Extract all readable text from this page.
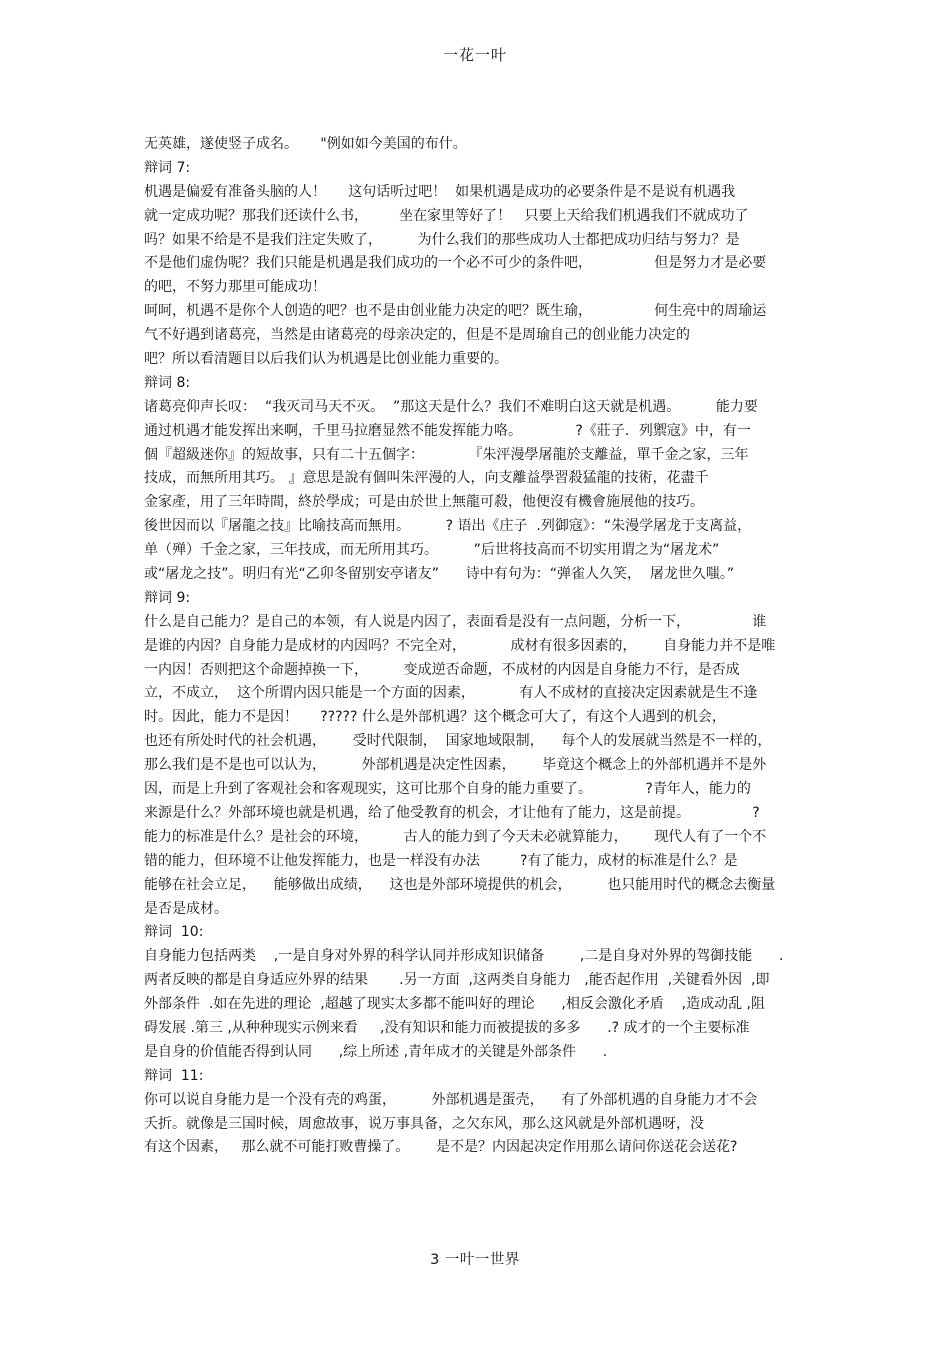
一花一叶
无英雄，遂使竖子成名。     "例如如今美国的布什。
辩词 7:
机遇是偏爱有准备头脑的人！     这句话听过吧！  如果机遇是成功的必要条件是不是说有机遇我
就一定成功呢？那我们还读什么书，       坐在家里等好了！   只要上天给我们机遇我们不就成功了
吗？如果不给是不是我们注定失败了，        为什么我们的那些成功人士都把成功归结与努力？是
不是他们虚伪呢？我们只能是机遇是我们成功的一个必不可少的条件吧，              但是努力才是必要
的吧，不努力那里可能成功！
呵呵，机遇不是你个人创造的吧？也不是由创业能力决定的吧？既生瑜，              何生亮中的周瑜运
气不好遇到诸葛亮，当然是由诸葛亮的母亲决定的，但是不是周瑜自己的创业能力决定的
吧？所以看清题目以后我们认为机遇是比创业能力重要的。
辩词 8:
诸葛亮仰声长叹：  “我灭司马天不灭。  ”那这天是什么？我们不难明白这天就是机遇。        能力要
通过机遇才能发挥出来啊，千里马拉磨显然不能发挥能力咯。            ?《莊子．列禦寇》中，有一
個『超級迷你』的短故事，只有二十五個字：          『朱泙漫學屠龍於支離益，單千金之家，三年
技成，而無所用其巧。 』意思是說有個叫朱泙漫的人，向支離益學習殺猛龍的技術，花盡千
金家產，用了三年時間，終於學成；可是由於世上無龍可殺，他便沒有機會施展他的技巧。
後世因而以『屠龍之技』比喻技高而無用。        ? 语出《庄子  .列御寇》：“朱漫学屠龙于支离益，
单（殚）千金之家，三年技成，而无所用其巧。        ”后世将技高而不切实用谓之为“屠龙术”
或“屠龙之技”。明归有光“乙卯冬留别安亭诸友”      诗中有句为：“弹雀人久笑，  屠龙世久嗤。”
辩词 9:
什么是自己能力？是自己的本领，有人说是内因了，表面看是没有一点问题，分析一下，              谁
是谁的内因？自身能力是成材的内因吗？不完全对，          成材有很多因素的，      自身能力并不是唯
一内因！否则把这个命题掉换一下，        变成逆否命题，不成材的内因是自身能力不行，是否成
立，不成立，  这个所谓内因只能是一个方面的因素，          有人不成材的直接决定因素就是生不逢
时。因此，能力不是因！     ????? 什么是外部机遇？这个概念可大了，有这个人遇到的机会，
也还有所处时代的社会机遇，      受时代限制，  国家地域限制，    每个人的发展就当然是不一样的，
那么我们是不是也可以认为，        外部机遇是决定性因素，      毕竟这个概念上的外部机遇并不是外
因，而是上升到了客观社会和客观现实，这可比那个自身的能力重要了。            ?青年人，能力的
来源是什么？外部环境也就是机遇，给了他受教育的机会，才让他有了能力，这是前提。              ?
能力的标准是什么？是社会的环境，        古人的能力到了今天未必就算能力，      现代人有了一个不
错的能力，但环境不让他发挥能力，也是一样没有办法         ?有了能力，成材的标准是什么？是
能够在社会立足，    能够做出成绩，    这也是外部环境提供的机会，        也只能用时代的概念去衡量
是否是成材。
辩词  10:
自身能力包括两类    ,一是自身对外界的科学认同并形成知识储备        ,二是自身对外界的驾御技能      .
两者反映的都是自身适应外界的结果       .另一方面  ,这两类自身能力   ,能否起作用  ,关键看外因  ,即
外部条件  .如在先进的理论  ,超越了现实太多都不能叫好的理论      ,相反会激化矛盾    ,造成动乱 ,阻
碍发展 .第三 ,从种种现实示例来看     ,没有知识和能力而被提拔的多多      .? 成才的一个主要标准
是自身的价值能否得到认同      ,综上所述 ,青年成才的关键是外部条件      .
辩词  11:
你可以说自身能力是一个没有壳的鸡蛋，        外部机遇是蛋壳，    有了外部机遇的自身能力才不会
夭折。就像是三国时候，周愈故事，说万事具备，之欠东风，那么这风就是外部机遇呀，没
有这个因素，   那么就不可能打败曹操了。      是不是？内因起决定作用那么请问你送花会送花?
3 一叶一世界
